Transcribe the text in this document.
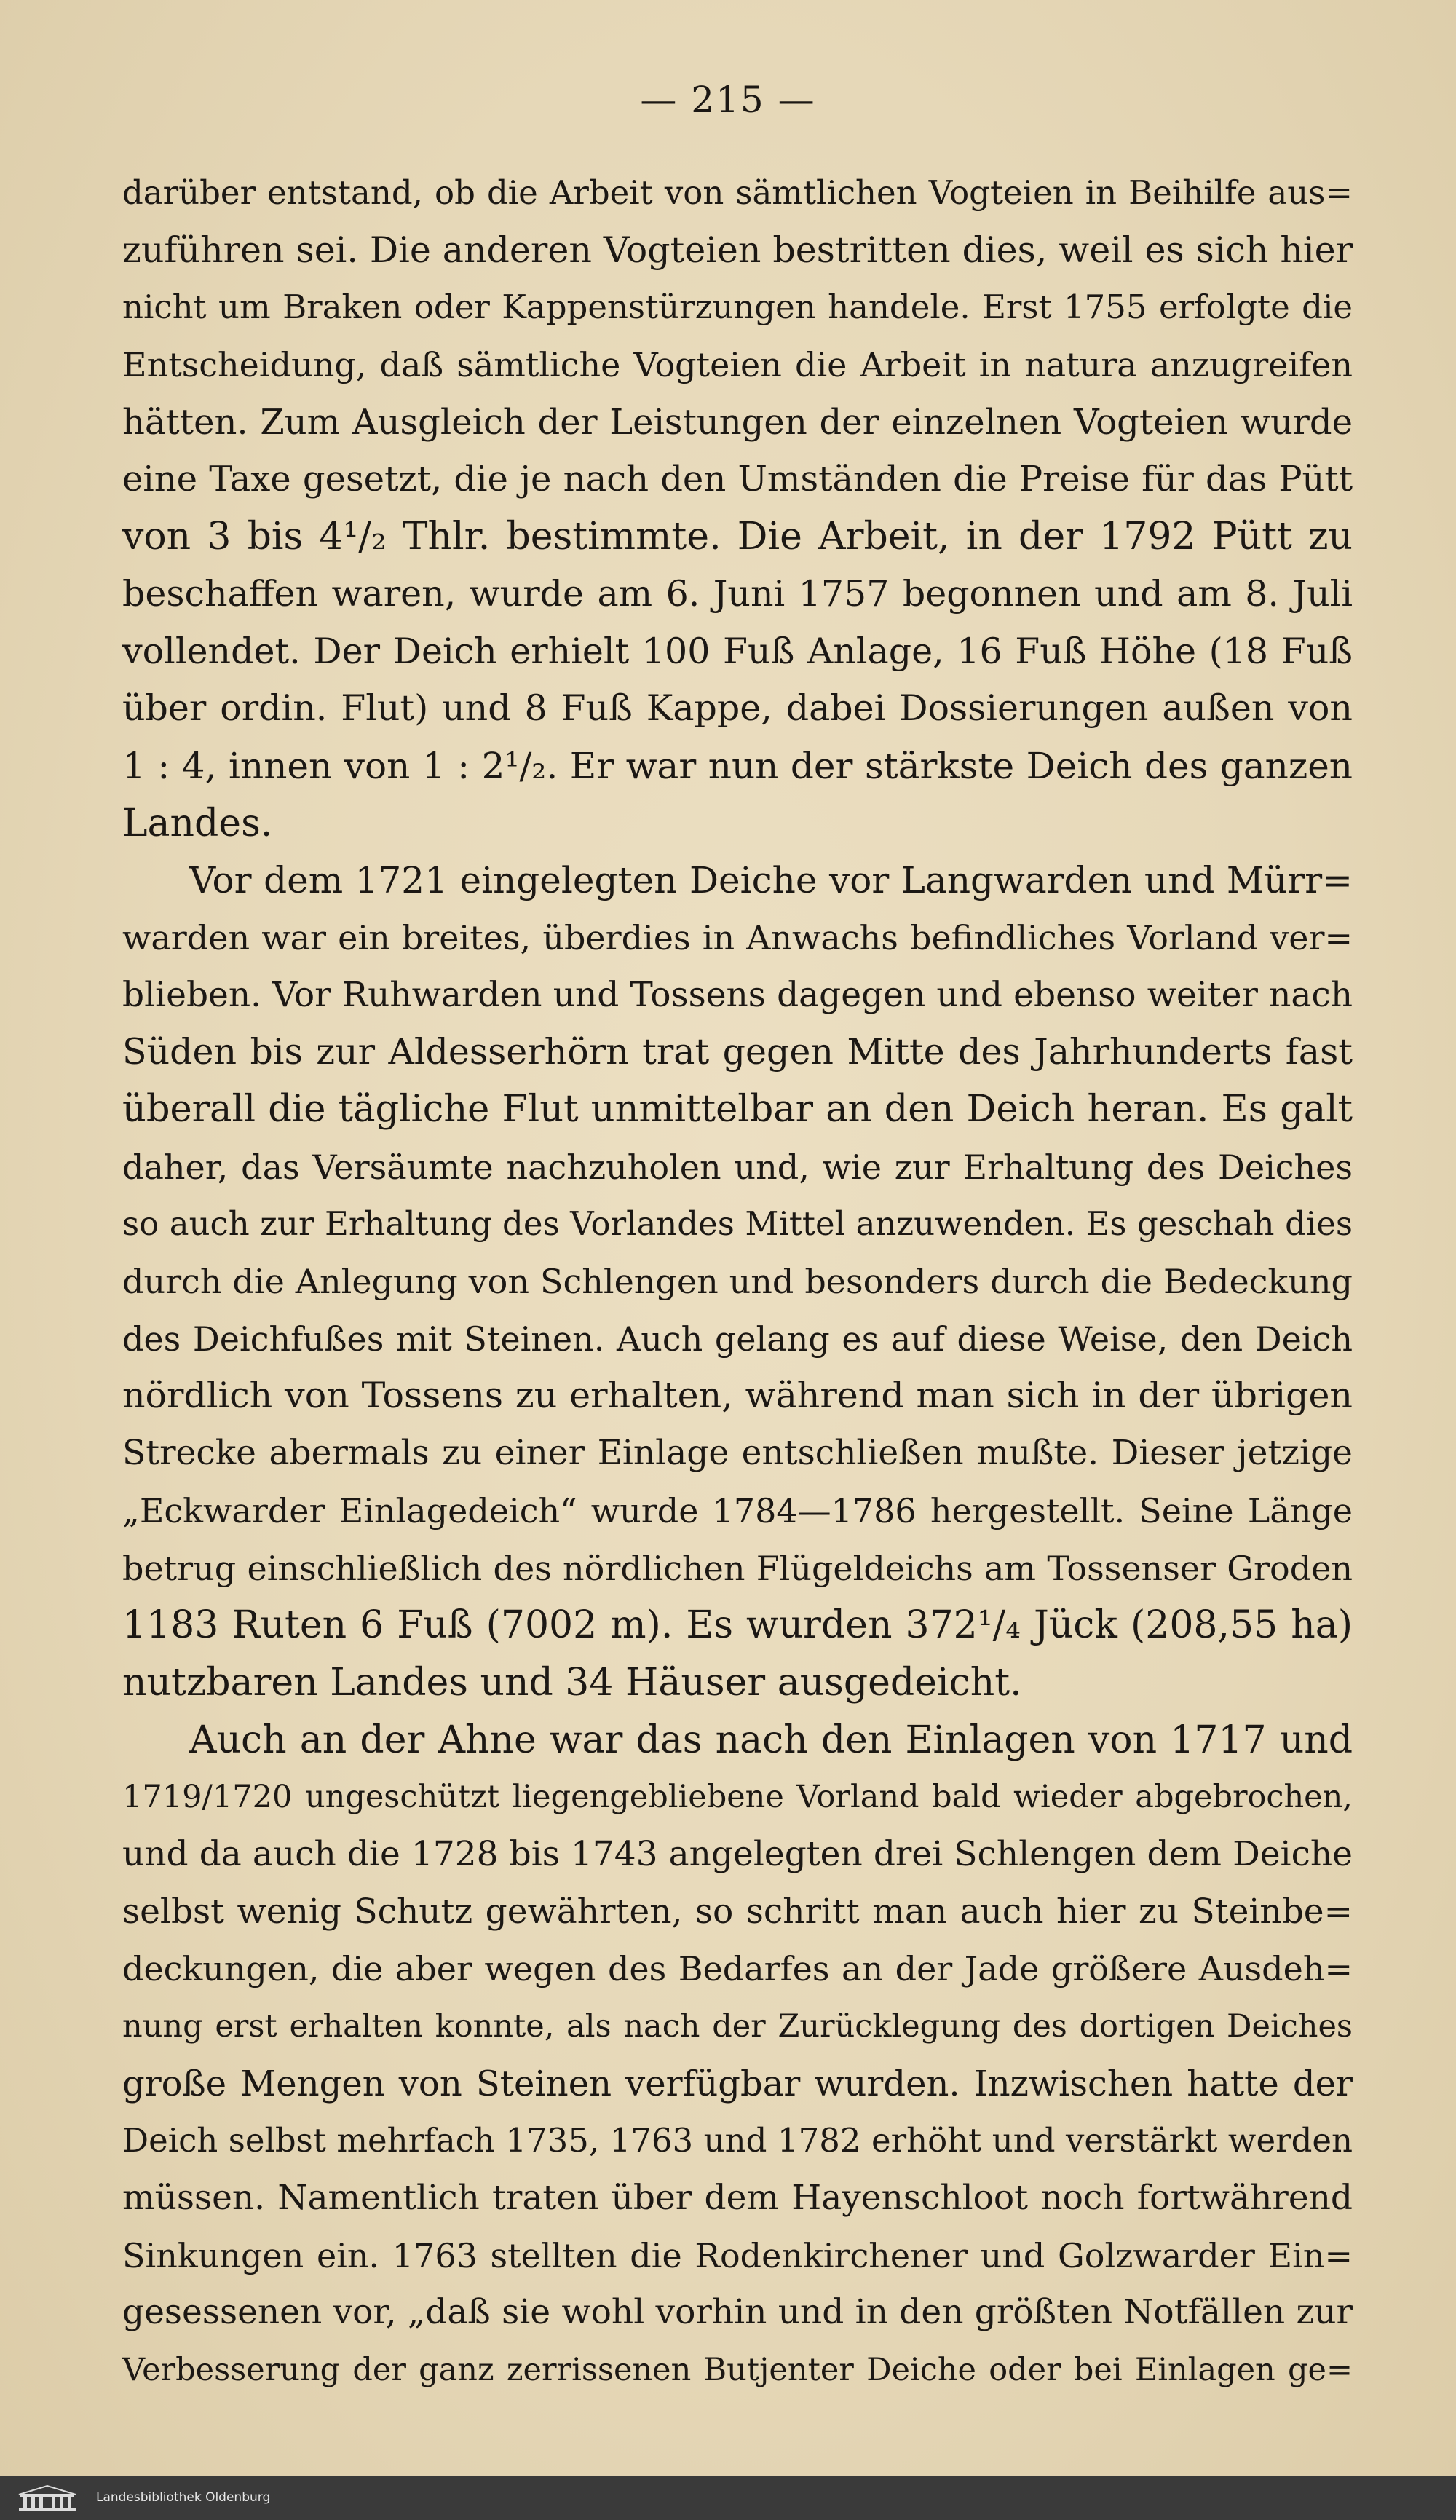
— 215 —
darüber entstand, ob die Arbeit von sämtlichen Vogteien in Beihilfe aus=
zuführen sei. Die anderen Vogteien bestritten dies, weil es sich hier
nicht um Braken oder Kappenstürzungen handele. Erst 1755 erfolgte die
Entscheidung, daß sämtliche Vogteien die Arbeit in natura anzugreifen
hätten. Zum Ausgleich der Leistungen der einzelnen Vogteien wurde
eine Taxe gesetzt, die je nach den Umständen die Preise für das Pütt
von 3 bis 4¹/₂ Thlr. bestimmte. Die Arbeit, in der 1792 Pütt zu
beschaffen waren, wurde am 6. Juni 1757 begonnen und am 8. Juli
vollendet. Der Deich erhielt 100 Fuß Anlage, 16 Fuß Höhe (18 Fuß
über ordin. Flut) und 8 Fuß Kappe, dabei Dossierungen außen von
1 : 4, innen von 1 : 2¹/₂. Er war nun der stärkste Deich des ganzen
Landes.
Vor dem 1721 eingelegten Deiche vor Langwarden und Mürr=
warden war ein breites, überdies in Anwachs befindliches Vorland ver=
blieben. Vor Ruhwarden und Tossens dagegen und ebenso weiter nach
Süden bis zur Aldesserhörn trat gegen Mitte des Jahrhunderts fast
überall die tägliche Flut unmittelbar an den Deich heran. Es galt
daher, das Versäumte nachzuholen und, wie zur Erhaltung des Deiches
so auch zur Erhaltung des Vorlandes Mittel anzuwenden. Es geschah dies
durch die Anlegung von Schlengen und besonders durch die Bedeckung
des Deichfußes mit Steinen. Auch gelang es auf diese Weise, den Deich
nördlich von Tossens zu erhalten, während man sich in der übrigen
Strecke abermals zu einer Einlage entschließen mußte. Dieser jetzige
„Eckwarder Einlagedeich“ wurde 1784—1786 hergestellt. Seine Länge
betrug einschließlich des nördlichen Flügeldeichs am Tossenser Groden
1183 Ruten 6 Fuß (7002 m). Es wurden 372¹/₄ Jück (208,55 ha)
nutzbaren Landes und 34 Häuser ausgedeicht.
Auch an der Ahne war das nach den Einlagen von 1717 und
1719/1720 ungeschützt liegengebliebene Vorland bald wieder abgebrochen,
und da auch die 1728 bis 1743 angelegten drei Schlengen dem Deiche
selbst wenig Schutz gewährten, so schritt man auch hier zu Steinbe=
deckungen, die aber wegen des Bedarfes an der Jade größere Ausdeh=
nung erst erhalten konnte, als nach der Zurücklegung des dortigen Deiches
große Mengen von Steinen verfügbar wurden. Inzwischen hatte der
Deich selbst mehrfach 1735, 1763 und 1782 erhöht und verstärkt werden
müssen. Namentlich traten über dem Hayenschloot noch fortwährend
Sinkungen ein. 1763 stellten die Rodenkirchener und Golzwarder Ein=
gesessenen vor, „daß sie wohl vorhin und in den größten Notfällen zur
Verbesserung der ganz zerrissenen Butjenter Deiche oder bei Einlagen ge=
Landesbibliothek Oldenburg
